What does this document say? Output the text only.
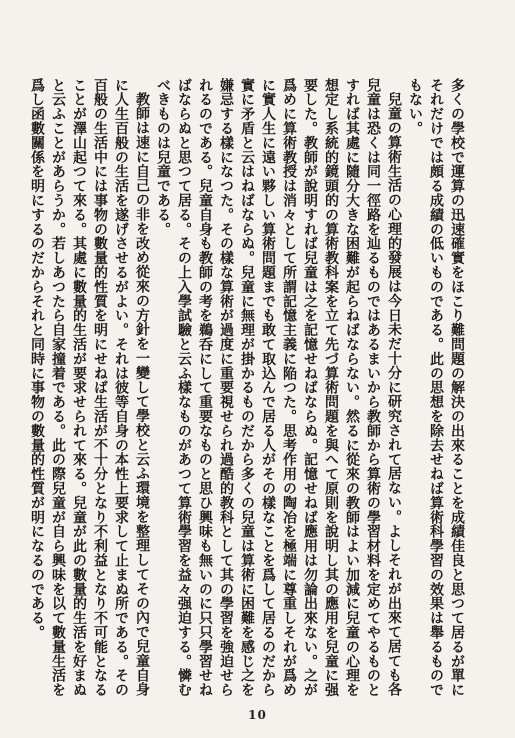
多くの學校で運算の迅速確實をほこり難問題の解決の出來ることを成績佳良と思つて居るが單にそれだけでは頗る成績の低いものである。此の思想を除去せねば算術科學習の效果は舉るものでもない。

兒童の算術生活の心理的發展は今日未だ十分に研究されて居ない。よしそれが出來て居ても各兒童は恐くは同一徑路を辿るものではあるまいから教師から算術の學習材料を定めてやるものとすれば其處に隨分大きな困難が起らねばならない。然るに從來の教師はよい加減に兒童の心理を想定し系統的鏡頭的の算術教科案を立て先づ算術問題を與へて原則を說明し其の應用を兒童に强要した。教師が說明すれば兒童は之を記憶せねばならぬ。記憶せねば應用は勿論出來ない。之が爲めに算術教授は消々として所謂記憶主義に陥つた。思考作用の陶冶を極端に尊重しそれが爲めに實人生に遠い夥しい算術問題までも敢て取込んで居る人がその樣なことを爲して居るのだから實に矛盾と云はねばならぬ。兒童に無理が掛かるものだから多くの兒童は算術に困難を感じ之を嫌忌する樣になつた。その樣な算術が過度に重要視せられ過酷的教科として其の學習を強迫せられるのである。兒童自身も教師の考を鵜呑にして重要なものと思ひ興味も無いのに只只學習せねばならぬと思つて居る。その上入學試驗と云ふ樣なものがあつて算術學習を益々强迫する。憐むべきものは兒童である。

教師は速に自己の非を改め從來の方針を一變して學校と云ふ環境を整理してその內で兒童自身に人生百般の生活を遂げさせるがよい。それは彼等自身の本性上要求して止まぬ所である。その百般の生活中には事物の數量的性質を明にせねば生活が不十分となり不利益となり不可能となることが澤山起つて來る。其處に數量的生活が要求せられて來る。兒童が此の數量的生活を好まぬと云ふことがあらうか。若しあつたら自家撞着である。此の際兒童が自ら興味を以て數量生活を爲し函數關係を明にするのだからそれと同時に事物の數量的性質が明になるのである。

10
